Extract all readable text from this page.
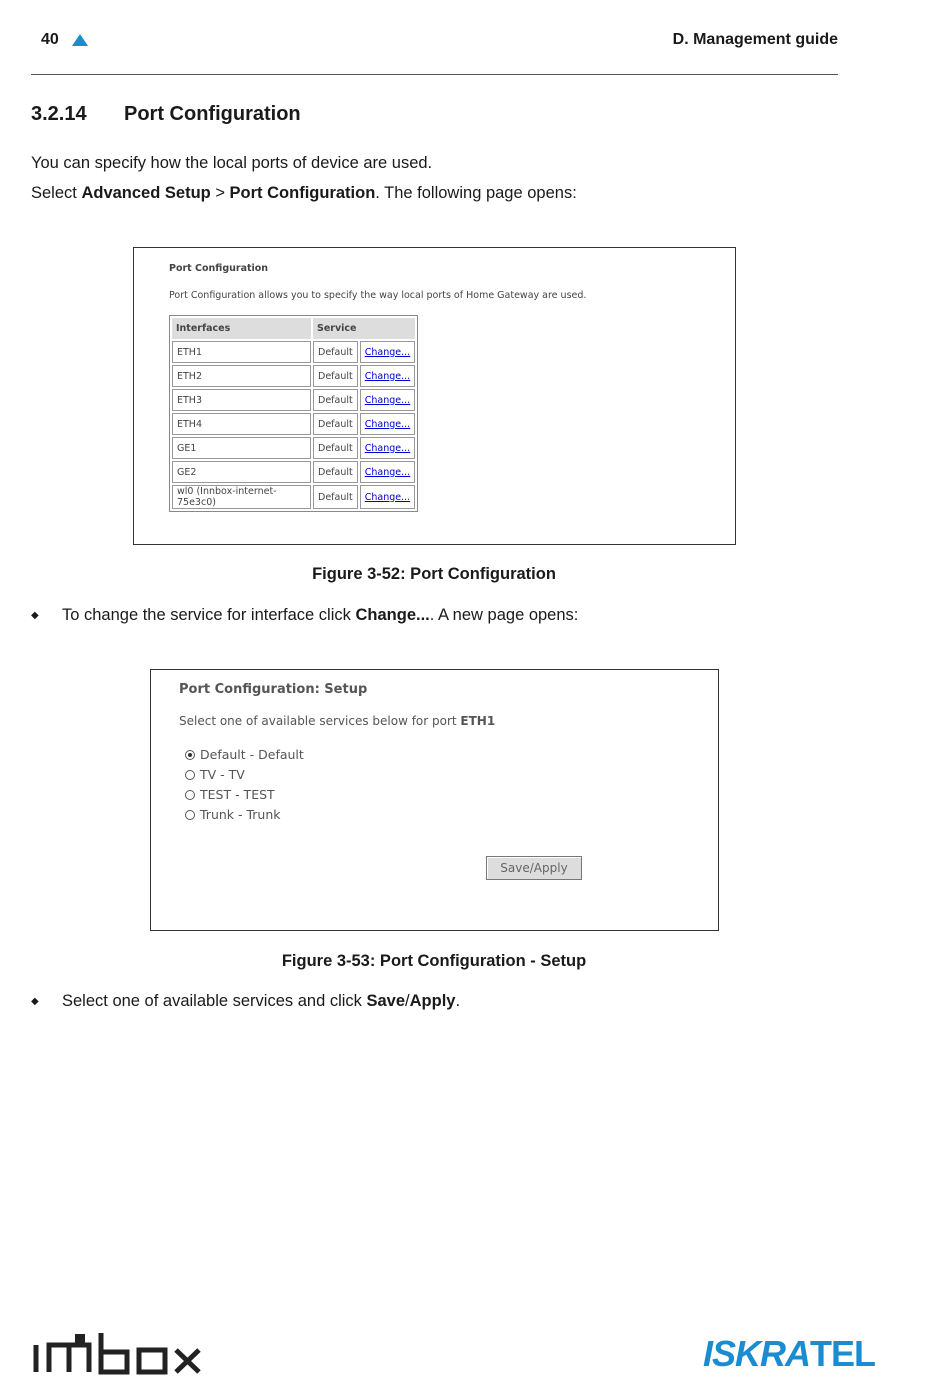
40	D. Management guide
3.2.14 Port Configuration
You can specify how the local ports of device are used.
Select Advanced Setup > Port Configuration. The following page opens:
Port Configuration
Port Configuration allows you to specify the way local ports of Home Gateway are used.
Interfaces	Service	
ETH1	Default	Change...
ETH2	Default	Change...
ETH3	Default	Change...
ETH4	Default	Change...
GE1	Default	Change...
GE2	Default	Change...
wl0 (Innbox-internet-75e3c0)	Default	Change...
Figure 3-52: Port Configuration
◆ To change the service for interface click Change.... A new page opens:
Port Configuration: Setup
Select one of available services below for port ETH1
Default - Default
TV - TV
TEST - TEST
Trunk - Trunk
Save/Apply
Figure 3-53: Port Configuration - Setup
◆ Select one of available services and click Save/Apply.
ISKRATEL
